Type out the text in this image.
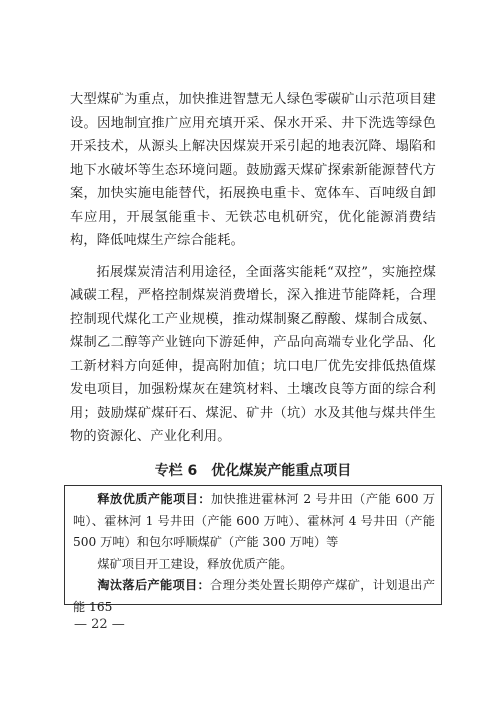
大型煤矿为重点，加快推进智慧无人绿色零碳矿山示范项目建设。因地制宜推广应用充填开采、保水开采、井下洗选等绿色开采技术，从源头上解决因煤炭开采引起的地表沉降、塌陷和地下水破坏等生态环境问题。鼓励露天煤矿探索新能源替代方案，加快实施电能替代，拓展换电重卡、宽体车、百吨级自卸车应用，开展氢能重卡、无铁芯电机研究，优化能源消费结构，降低吨煤生产综合能耗。

拓展煤炭清洁利用途径，全面落实能耗“双控”，实施控煤减碳工程，严格控制煤炭消费增长，深入推进节能降耗，合理控制现代煤化工产业规模，推动煤制聚乙醇酸、煤制合成氨、煤制乙二醇等产业链向下游延伸，产品向高端专业化学品、化工新材料方向延伸，提高附加值；坑口电厂优先安排低热值煤发电项目，加强粉煤灰在建筑材料、土壤改良等方面的综合利用；鼓励煤矿煤矸石、煤泥、矿井（坑）水及其他与煤共伴生物的资源化、产业化利用。

专栏 6　优化煤炭产能重点项目

释放优质产能项目：加快推进霍林河 2 号井田（产能 600 万吨）、霍林河 1 号井田（产能 600 万吨）、霍林河 4 号井田（产能 500 万吨）和包尔呼顺煤矿（产能 300 万吨）等

煤矿项目开工建设，释放优质产能。

淘汰落后产能项目：合理分类处置长期停产煤矿，计划退出产能 165

— 22 —
